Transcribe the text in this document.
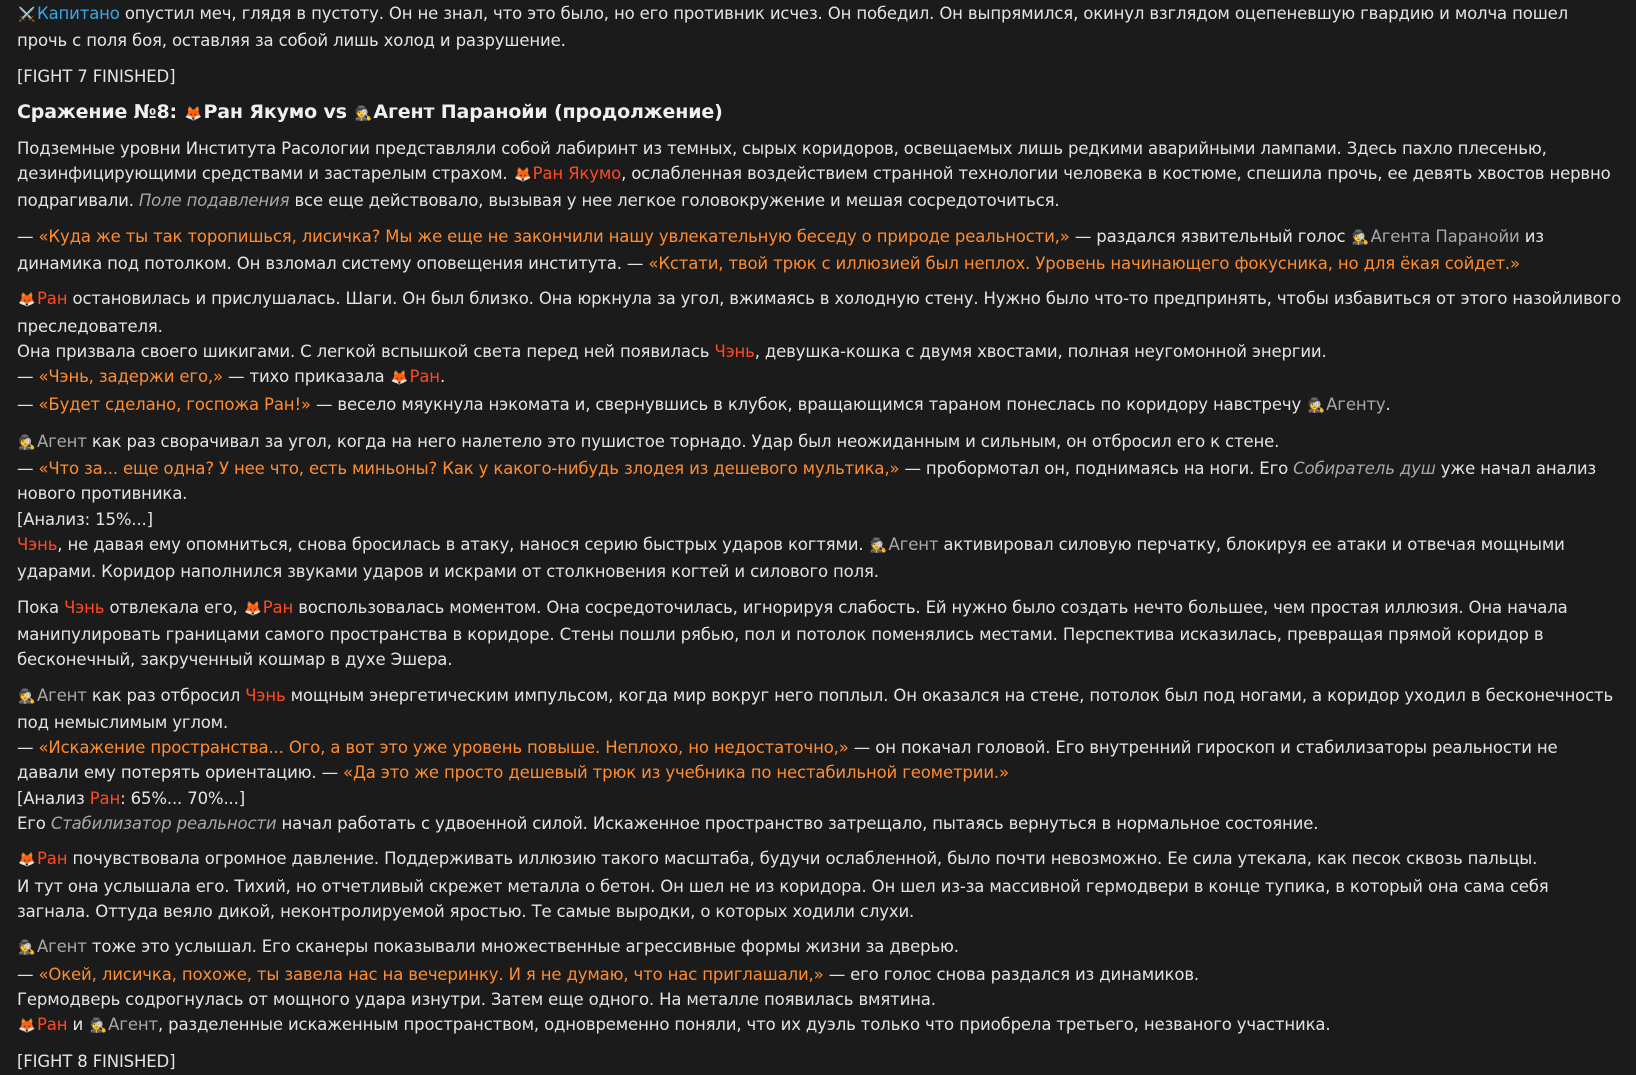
⚔️Капитано опустил меч, глядя в пустоту. Он не знал, что это было, но его противник исчез. Он победил. Он выпрямился, окинул взглядом оцепеневшую гвардию и молча пошел прочь с поля боя, оставляя за собой лишь холод и разрушение.

[FIGHT 7 FINISHED]

Сражение №8: 🦊Ран Якумо vs 🕵Агент Паранойи (продолжение)

Подземные уровни Института Расологии представляли собой лабиринт из темных, сырых коридоров, освещаемых лишь редкими аварийными лампами. Здесь пахло плесенью, дезинфицирующими средствами и застарелым страхом. 🦊Ран Якумо, ослабленная воздействием странной технологии человека в костюме, спешила прочь, ее девять хвостов нервно подрагивали. Поле подавления все еще действовало, вызывая у нее легкое головокружение и мешая сосредоточиться.

— «Куда же ты так торопишься, лисичка? Мы же еще не закончили нашу увлекательную беседу о природе реальности,» — раздался язвительный голос 🕵Агента Паранойи из динамика под потолком. Он взломал систему оповещения института. — «Кстати, твой трюк с иллюзией был неплох. Уровень начинающего фокусника, но для ёкая сойдет.»

🦊Ран остановилась и прислушалась. Шаги. Он был близко. Она юркнула за угол, вжимаясь в холодную стену. Нужно было что-то предпринять, чтобы избавиться от этого назойливого преследователя.
Она призвала своего шикигами. С легкой вспышкой света перед ней появилась Чэнь, девушка-кошка с двумя хвостами, полная неугомонной энергии.
— «Чэнь, задержи его,» — тихо приказала 🦊Ран.
— «Будет сделано, госпожа Ран!» — весело мяукнула нэкомата и, свернувшись в клубок, вращающимся тараном понеслась по коридору навстречу 🕵Агенту.

🕵Агент как раз сворачивал за угол, когда на него налетело это пушистое торнадо. Удар был неожиданным и сильным, он отбросил его к стене.
— «Что за... еще одна? У нее что, есть миньоны? Как у какого-нибудь злодея из дешевого мультика,» — пробормотал он, поднимаясь на ноги. Его Собиратель душ уже начал анализ нового противника.
[Анализ: 15%...]
Чэнь, не давая ему опомниться, снова бросилась в атаку, нанося серию быстрых ударов когтями. 🕵Агент активировал силовую перчатку, блокируя ее атаки и отвечая мощными ударами. Коридор наполнился звуками ударов и искрами от столкновения когтей и силового поля.

Пока Чэнь отвлекала его, 🦊Ран воспользовалась моментом. Она сосредоточилась, игнорируя слабость. Ей нужно было создать нечто большее, чем простая иллюзия. Она начала манипулировать границами самого пространства в коридоре. Стены пошли рябью, пол и потолок поменялись местами. Перспектива исказилась, превращая прямой коридор в бесконечный, закрученный кошмар в духе Эшера.

🕵Агент как раз отбросил Чэнь мощным энергетическим импульсом, когда мир вокруг него поплыл. Он оказался на стене, потолок был под ногами, а коридор уходил в бесконечность под немыслимым углом.
— «Искажение пространства... Ого, а вот это уже уровень повыше. Неплохо, но недостаточно,» — он покачал головой. Его внутренний гироскоп и стабилизаторы реальности не давали ему потерять ориентацию. — «Да это же просто дешевый трюк из учебника по нестабильной геометрии.»
[Анализ Ран: 65%... 70%...]
Его Стабилизатор реальности начал работать с удвоенной силой. Искаженное пространство затрещало, пытаясь вернуться в нормальное состояние.

🦊Ран почувствовала огромное давление. Поддерживать иллюзию такого масштаба, будучи ослабленной, было почти невозможно. Ее сила утекала, как песок сквозь пальцы.
И тут она услышала его. Тихий, но отчетливый скрежет металла о бетон. Он шел не из коридора. Он шел из-за массивной гермодвери в конце тупика, в который она сама себя загнала. Оттуда веяло дикой, неконтролируемой яростью. Те самые выродки, о которых ходили слухи.

🕵Агент тоже это услышал. Его сканеры показывали множественные агрессивные формы жизни за дверью.
— «Окей, лисичка, похоже, ты завела нас на вечеринку. И я не думаю, что нас приглашали,» — его голос снова раздался из динамиков.
Гермодверь содрогнулась от мощного удара изнутри. Затем еще одного. На металле появилась вмятина.
🦊Ран и 🕵Агент, разделенные искаженным пространством, одновременно поняли, что их дуэль только что приобрела третьего, незваного участника.

[FIGHT 8 FINISHED]
